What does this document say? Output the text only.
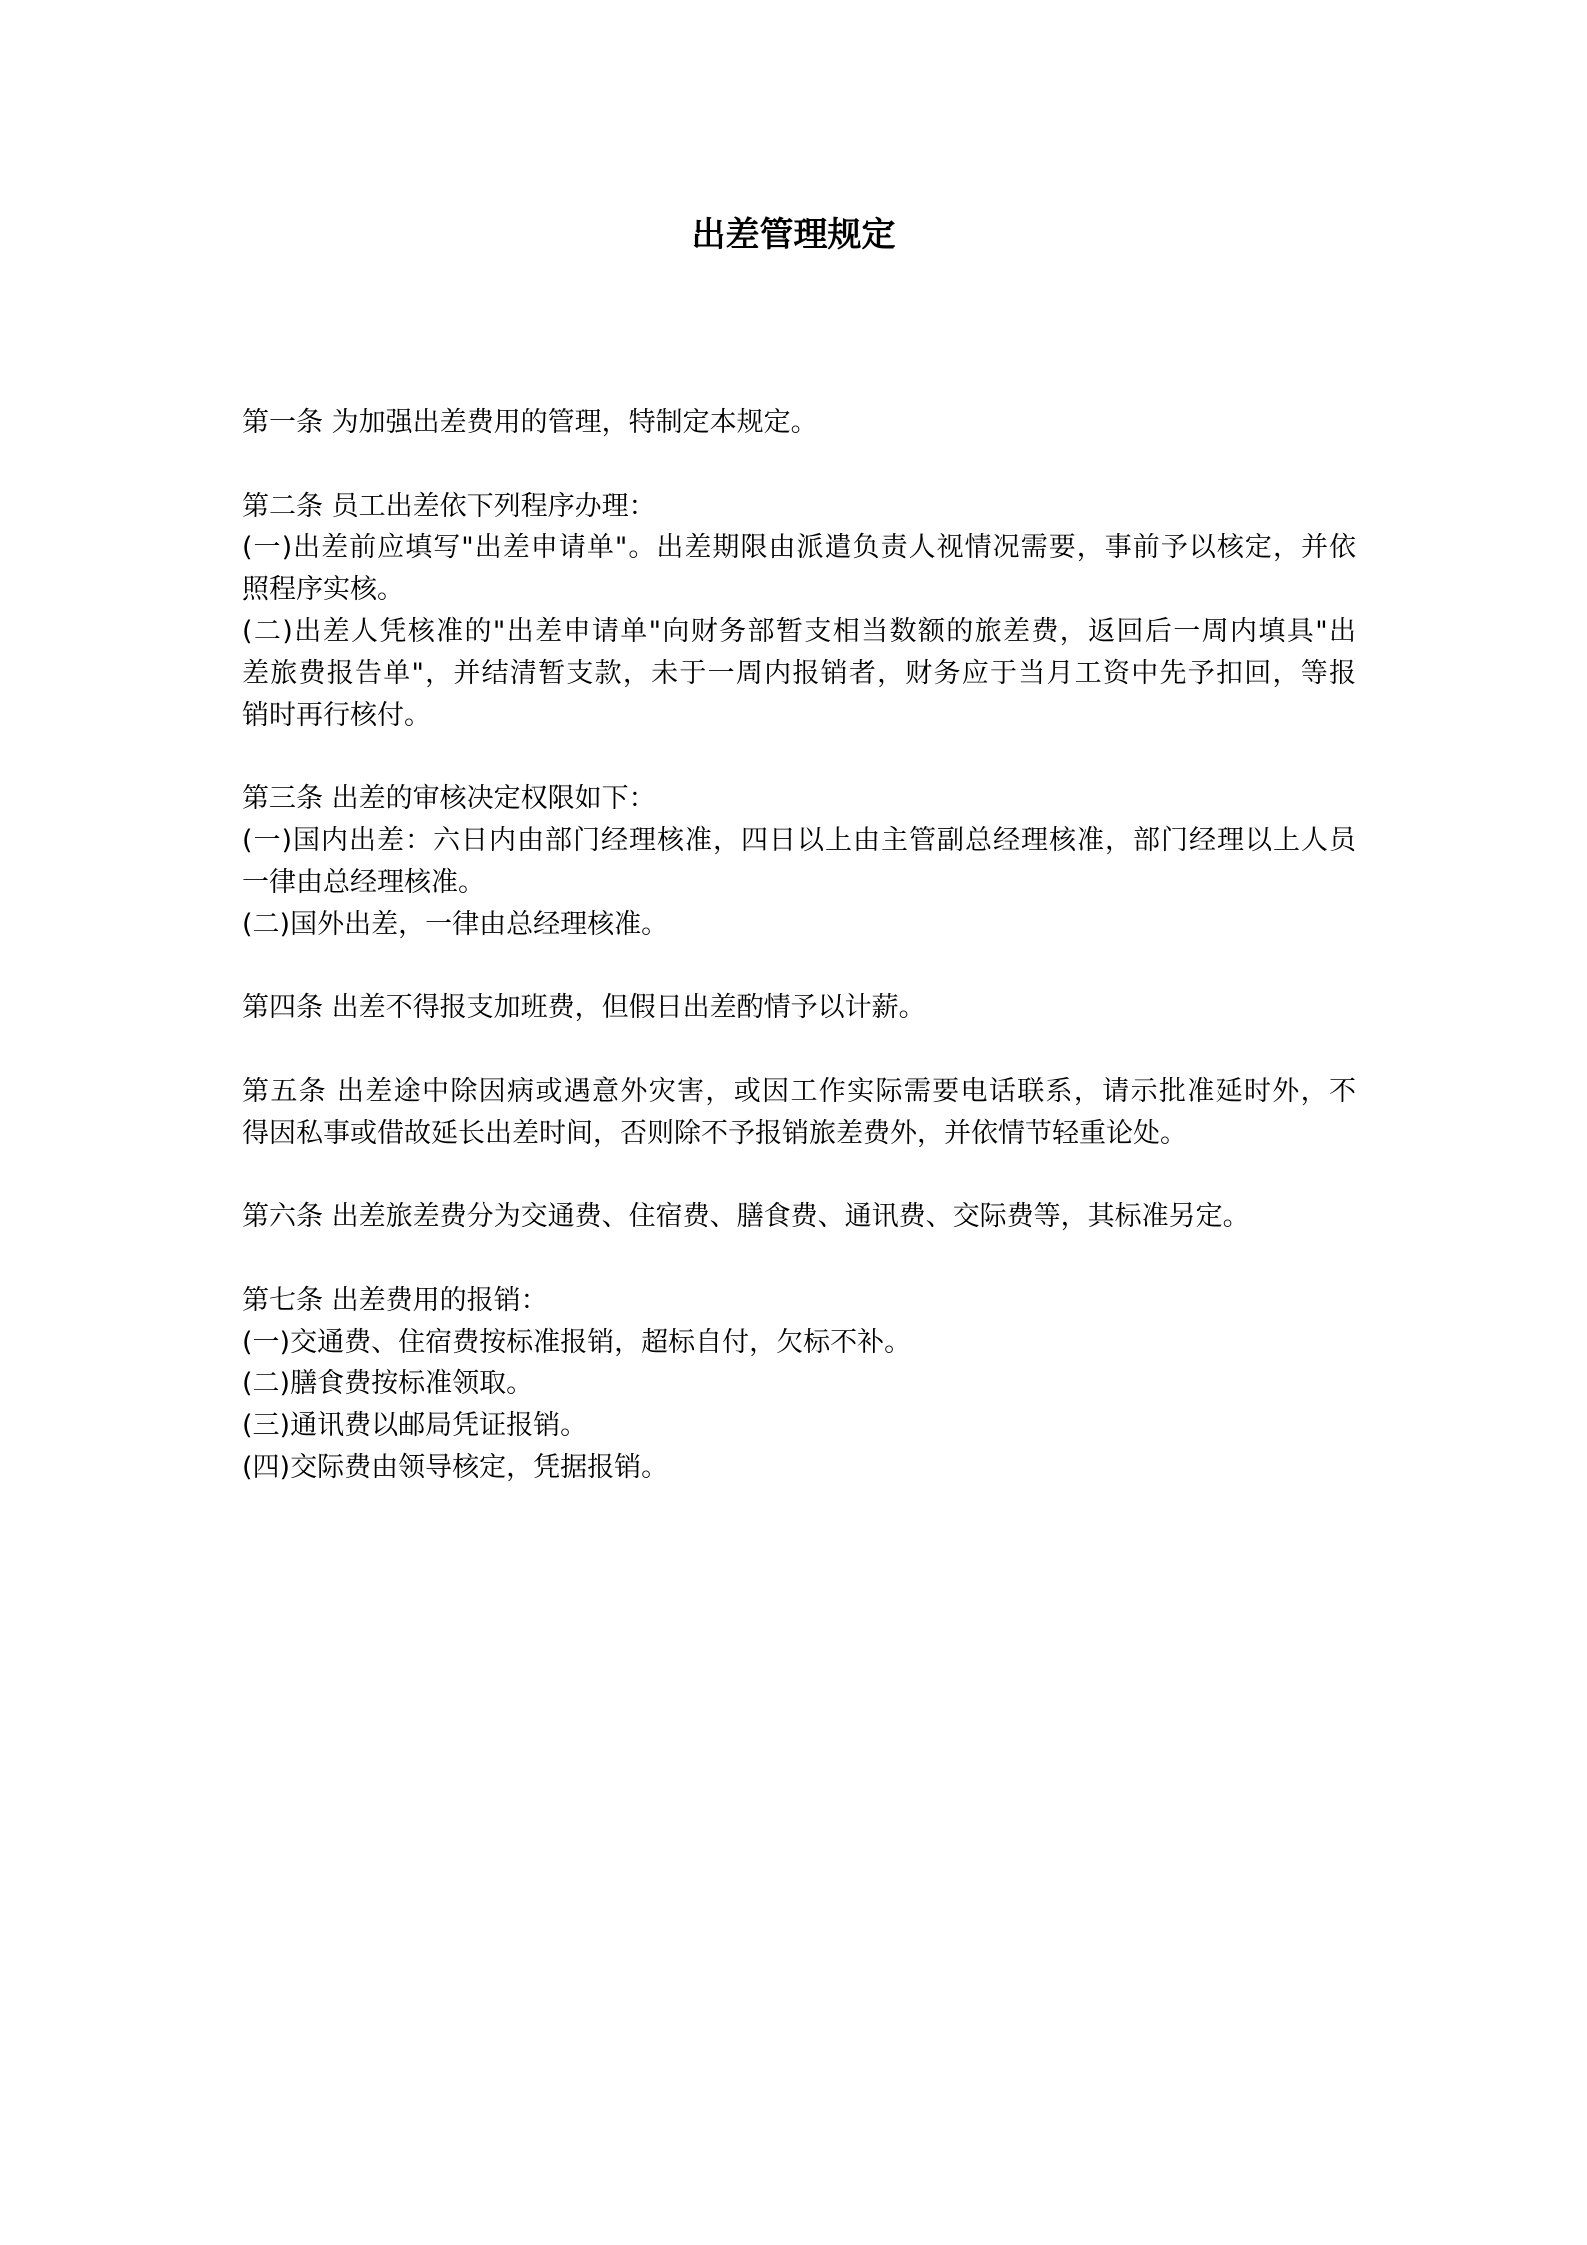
出差管理规定
第一条 为加强出差费用的管理，特制定本规定。
第二条 员工出差依下列程序办理：
(一)出差前应填写"出差申请单"。出差期限由派遣负责人视情况需要，事前予以核定，并依
照程序实核。
(二)出差人凭核准的"出差申请单"向财务部暂支相当数额的旅差费，返回后一周内填具"出
差旅费报告单"，并结清暂支款，未于一周内报销者，财务应于当月工资中先予扣回，等报
销时再行核付。
第三条 出差的审核决定权限如下：
(一)国内出差：六日内由部门经理核准，四日以上由主管副总经理核准，部门经理以上人员
一律由总经理核准。
(二)国外出差，一律由总经理核准。
第四条 出差不得报支加班费，但假日出差酌情予以计薪。
第五条 出差途中除因病或遇意外灾害，或因工作实际需要电话联系，请示批准延时外，不
得因私事或借故延长出差时间，否则除不予报销旅差费外，并依情节轻重论处。
第六条 出差旅差费分为交通费、住宿费、膳食费、通讯费、交际费等，其标准另定。
第七条 出差费用的报销：
(一)交通费、住宿费按标准报销，超标自付，欠标不补。
(二)膳食费按标准领取。
(三)通讯费以邮局凭证报销。
(四)交际费由领导核定，凭据报销。
